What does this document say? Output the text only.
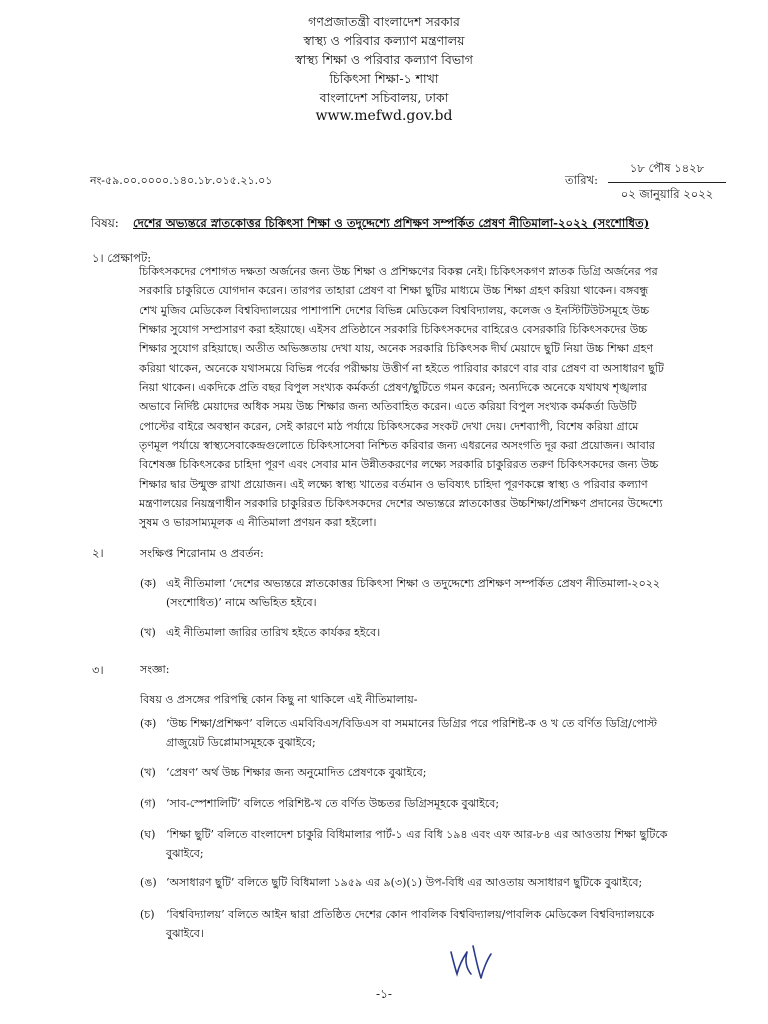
গণপ্রজাতন্ত্রী বাংলাদেশ সরকার
স্বাস্থ্য ও পরিবার কল্যাণ মন্ত্রণালয়
স্বাস্থ্য শিক্ষা ও পরিবার কল্যাণ বিভাগ
চিকিৎসা শিক্ষা-১ শাখা
বাংলাদেশ সচিবালয়, ঢাকা
www.mefwd.gov.bd
নং-৫৯.০০.০০০০.১৪০.১৮.০১৫.২১.০১	তারিখ:
১৮ পৌষ ১৪২৮
০২ জানুয়ারি ২০২২
বিষয়: দেশের অভ্যন্তরে স্নাতকোত্তর চিকিৎসা শিক্ষা ও তদুদ্দেশ্যে প্রশিক্ষণ সম্পর্কিত প্রেষণ নীতিমালা-২০২২ (সংশোধিত)
১। প্রেক্ষাপট:
চিকিৎসকদের পেশাগত দক্ষতা অর্জনের জন্য উচ্চ শিক্ষা ও প্রশিক্ষণের বিকল্প নেই। চিকিৎসকগণ স্নাতক ডিগ্রি অর্জনের পর
সরকারি চাকুরিতে যোগদান করেন। তারপর তাহারা প্রেষণ বা শিক্ষা ছুটির মাধ্যমে উচ্চ শিক্ষা গ্রহণ করিয়া থাকেন। বঙ্গবন্ধু
শেখ মুজিব মেডিকেল বিশ্ববিদ্যালয়ের পাশাপাশি দেশের বিভিন্ন মেডিকেল বিশ্ববিদ্যালয়, কলেজ ও ইনস্টিটিউটসমূহে উচ্চ
শিক্ষার সুযোগ সম্প্রসারণ করা হইয়াছে। এইসব প্রতিষ্ঠানে সরকারি চিকিৎসকদের বাহিরেও বেসরকারি চিকিৎসকদের উচ্চ
শিক্ষার সুযোগ রহিয়াছে। অতীত অভিজ্ঞতায় দেখা যায়, অনেক সরকারি চিকিৎসক দীর্ঘ মেয়াদে ছুটি নিয়া উচ্চ শিক্ষা গ্রহণ
করিয়া থাকেন, অনেকে যথাসময়ে বিভিন্ন পর্বের পরীক্ষায় উত্তীর্ণ না হইতে পারিবার কারণে বার বার প্রেষণ বা অসাধারণ ছুটি
নিয়া থাকেন। একদিকে প্রতি বছর বিপুল সংখ্যক কর্মকর্তা প্রেষণ/ছুটিতে গমন করেন; অন্যদিকে অনেকে যথাযথ শৃঙ্খলার
অভাবে নির্দিষ্ট মেয়াদের অধিক সময় উচ্চ শিক্ষার জন্য অতিবাহিত করেন। এতে করিয়া বিপুল সংখ্যক কর্মকর্তা ডিউটি
পোস্টের বাইরে অবস্থান করেন, সেই কারণে মাঠ পর্যায়ে চিকিৎসকের সংকট দেখা দেয়। দেশব্যাপী, বিশেষ করিয়া গ্রামে
তৃণমূল পর্যায়ে স্বাস্থ্যসেবাকেন্দ্রগুলোতে চিকিৎসাসেবা নিশ্চিত করিবার জন্য এধরনের অসংগতি দূর করা প্রয়োজন। আবার
বিশেষজ্ঞ চিকিৎসকের চাহিদা পূরণ এবং সেবার মান উন্নীতকরণের লক্ষ্যে সরকারি চাকুরিরত তরুণ চিকিৎসকদের জন্য উচ্চ
শিক্ষার দ্বার উন্মুক্ত রাখা প্রয়োজন। এই লক্ষ্যে স্বাস্থ্য খাতের বর্তমান ও ভবিষ্যৎ চাহিদা পূরণকল্পে স্বাস্থ্য ও পরিবার কল্যাণ
মন্ত্রণালয়ের নিয়ন্ত্রণাধীন সরকারি চাকুরিরত চিকিৎসকদের দেশের অভ্যন্তরে স্নাতকোত্তর উচ্চশিক্ষা/প্রশিক্ষণ প্রদানের উদ্দেশ্যে
সুষম ও ভারসাম্যমূলক এ নীতিমালা প্রণয়ন করা হইলো।
২।	সংক্ষিপ্ত শিরোনাম ও প্রবর্তন:
(ক) এই নীতিমালা ‘দেশের অভ্যন্তরে স্নাতকোত্তর চিকিৎসা শিক্ষা ও তদুদ্দেশ্যে প্রশিক্ষণ সম্পর্কিত প্রেষণ নীতিমালা-২০২২
(সংশোধিত)’ নামে অভিহিত হইবে।
(খ) এই নীতিমালা জারির তারিখ হইতে কার্যকর হইবে।
৩।	সংজ্ঞা:
বিষয় ও প্রসঙ্গের পরিপন্থি কোন কিছু না থাকিলে এই নীতিমালায়-
(ক) ‘উচ্চ শিক্ষা/প্রশিক্ষণ’ বলিতে এমবিবিএস/বিডিএস বা সমমানের ডিগ্রির পরে পরিশিষ্ট-ক ও খ তে বর্ণিত ডিগ্রি/পোস্ট
গ্রাজুয়েট ডিপ্লোমাসমূহকে বুঝাইবে;
(খ) ‘প্রেষণ’ অর্থ উচ্চ শিক্ষার জন্য অনুমোদিত প্রেষণকে বুঝাইবে;
(গ) ‘সাব-স্পেশালিটি’ বলিতে পরিশিষ্ট-খ তে বর্ণিত উচ্চতর ডিগ্রিসমূহকে বুঝাইবে;
(ঘ) ‘শিক্ষা ছুটি’ বলিতে বাংলাদেশ চাকুরি বিধিমালার পার্ট-১ এর বিধি ১৯৪ এবং এফ আর-৮৪ এর আওতায় শিক্ষা ছুটিকে
বুঝাইবে;
(ঙ) ‘অসাধারণ ছুটি’ বলিতে ছুটি বিধিমালা ১৯৫৯ এর ৯(৩)(১) উপ-বিধি এর আওতায় অসাধারণ ছুটিকে বুঝাইবে;
(চ) ‘বিশ্ববিদ্যালয়’ বলিতে আইন দ্বারা প্রতিষ্ঠিত দেশের কোন পাবলিক বিশ্ববিদ্যালয়/পাবলিক মেডিকেল বিশ্ববিদ্যালয়কে
বুঝাইবে।
-১-
